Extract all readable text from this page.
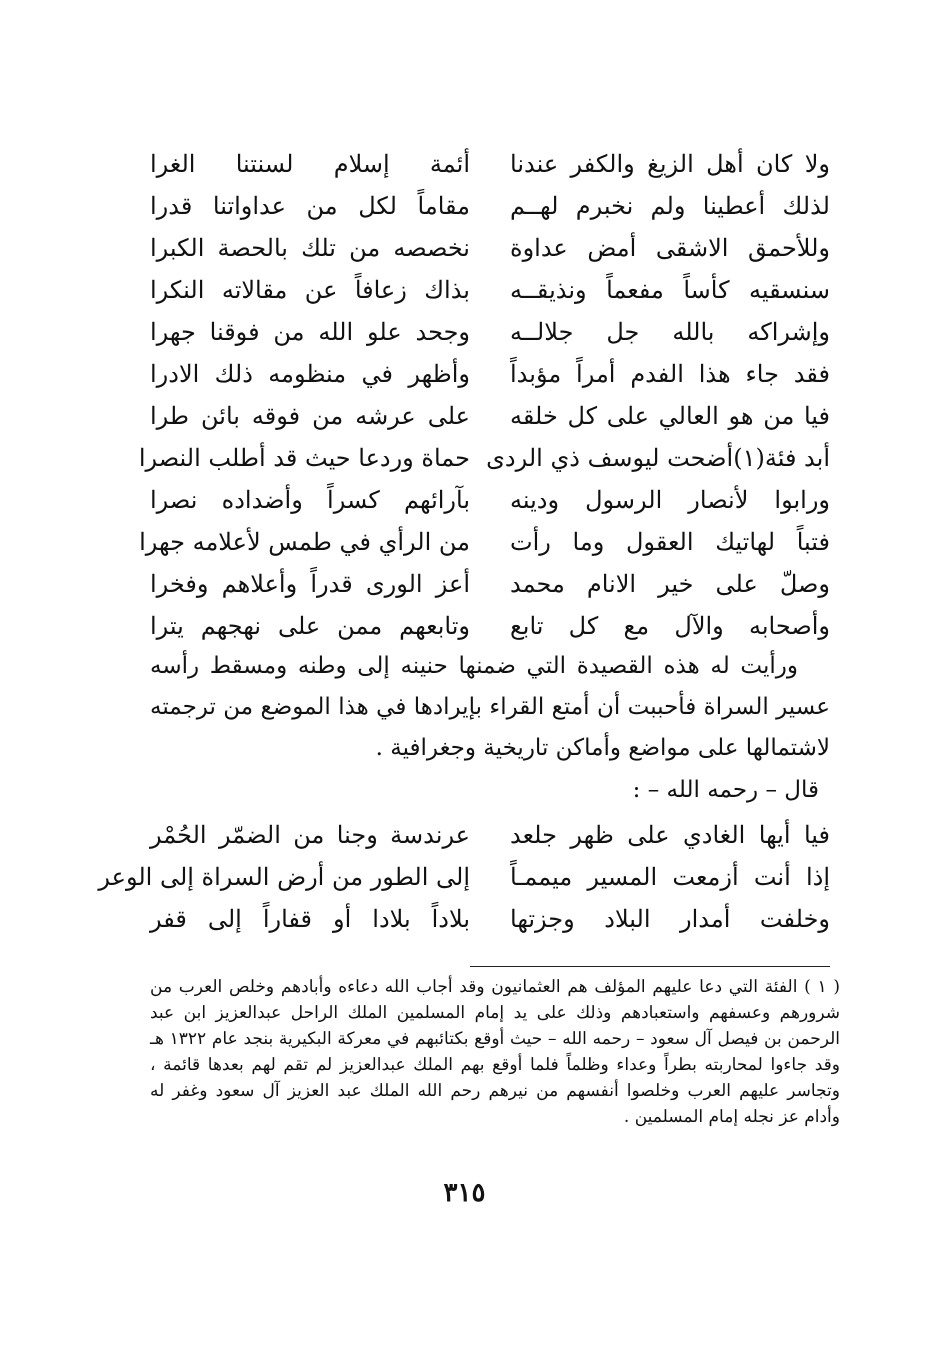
ولا كان أهل الزيغ والكفر عندنا
أئمة إسلام لسنتنا الغرا
لذلك أعطينا ولم نخبرم لهــم
مقاماً لكل من عداواتنا قدرا
وللأحمق الاشقى أمض عداوة
نخصصه من تلك بالحصة الكبرا
سنسقيه كأساً مفعماً ونذيقــه
بذاك زعافاً عن مقالاته النكرا
وإشراكه بالله جل جلالــه
وجحد علو الله من فوقنا جهرا
فقد جاء هذا الفدم أمراً مؤبداً
وأظهر في منظومه ذلك الادرا
فيا من هو العالي على كل خلقه
على عرشه من فوقه بائن طرا
أبد فئة(١)أضحت ليوسف ذي الردى
حماة وردعا حيث قد أطلب النصرا
ورابوا لأنصار الرسول ودينه
بآرائهم كسراً وأضداده نصرا
فتباً لهاتيك العقول وما رأت
من الرأي في طمس لأعلامه جهرا
وصلّ على خير الانام محمد
أعز الورى قدراً وأعلاهم وفخرا
وأصحابه والآل مع كل تابع
وتابعهم ممن على نهجهم يترا

ورأيت له هذه القصيدة التي ضمنها حنينه إلى وطنه ومسقط رأسه عسير السراة فأحببت أن أمتع القراء بإيرادها في هذا الموضع من ترجمته لاشتمالها على مواضع وأماكن تاريخية وجغرافية .

قال – رحمه الله – :
فيا أيها الغادي على ظهر جلعد
عرندسة وجنا من الضمّر الحُمْر
إذا أنت أزمعت المسير ميممـاً
إلى الطور من أرض السراة إلى الوعر
وخلفت أمدار البلاد وجزتها
بلاداً بلادا أو قفاراً إلى قفر

( ١ ) الفئة التي دعا عليهم المؤلف هم العثمانيون وقد أجاب الله دعاءه وأبادهم وخلص العرب من شرورهم وعسفهم واستعبادهم وذلك على يد إمام المسلمين الملك الراحل عبدالعزيز ابن عبد الرحمن بن فيصل آل سعود – رحمه الله – حيث أوقع بكتائبهم في معركة البكيرية بنجد عام ١٣٢٢ هـ وقد جاءوا لمحاربته بطراً وعداء وظلماً فلما أوقع بهم الملك عبدالعزيز لم تقم لهم بعدها قائمة ، وتجاسر عليهم العرب وخلصوا أنفسهم من نيرهم رحم الله الملك عبد العزيز آل سعود وغفر له وأدام عز نجله إمام المسلمين .

٣١٥
